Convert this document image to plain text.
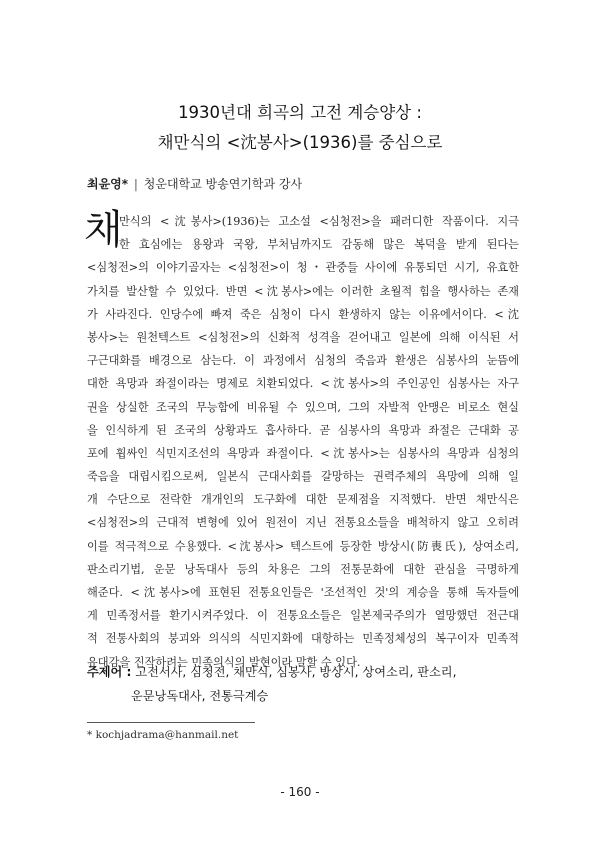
1930년대 희곡의 고전 계승양상 :
채만식의 <沈봉사>(1936)를 중심으로
최윤영* | 청운대학교 방송연기학과 강사
채
만식의 <沈봉사>(1936)는 고소설 <심청전>을 패러디한 작품이다. 지극
한 효심에는 용왕과 국왕, 부처님까지도 감동해 많은 복덕을 받게 된다는
<심청전>의 이야기골자는 <심청전>이 청・관중들 사이에 유통되던 시기, 유효한
가치를 발산할 수 있었다. 반면 <沈봉사>에는 이러한 초월적 힘을 행사하는 존재
가 사라진다. 인당수에 빠져 죽은 심청이 다시 환생하지 않는 이유에서이다. <沈
봉사>는 원천텍스트 <심청전>의 신화적 성격을 걷어내고 일본에 의해 이식된 서
구근대화를 배경으로 삼는다. 이 과정에서 심청의 죽음과 환생은 심봉사의 눈뜸에
대한 욕망과 좌절이라는 명제로 치환되었다. <沈봉사>의 주인공인 심봉사는 자구
권을 상실한 조국의 무능함에 비유될 수 있으며, 그의 자발적 안맹은 비로소 현실
을 인식하게 된 조국의 상황과도 흡사하다. 곧 심봉사의 욕망과 좌절은 근대화 공
포에 휩싸인 식민지조선의 욕망과 좌절이다. <沈봉사>는 심봉사의 욕망과 심청의
죽음을 대립시킴으로써, 일본식 근대사회를 갈망하는 권력주체의 욕망에 의해 일
개 수단으로 전락한 개개인의 도구화에 대한 문제점을 지적했다. 반면 채만식은
<심청전>의 근대적 변형에 있어 원전이 지닌 전통요소들을 배척하지 않고 오히려
이를 적극적으로 수용했다. <沈봉사> 텍스트에 등장한 방상시(防喪氏), 상여소리,
판소리기법, 운문 낭독대사 등의 차용은 그의 전통문화에 대한 관심을 극명하게
해준다. <沈봉사>에 표현된 전통요인들은 '조선적인 것'의 계승을 통해 독자들에
게 민족정서를 환기시켜주었다. 이 전통요소들은 일본제국주의가 열망했던 전근대
적 전통사회의 붕괴와 의식의 식민지화에 대항하는 민족정체성의 복구이자 민족적
유대감을 진작하려는 민족의식의 발현이라 말할 수 있다.
주제어 : 고전서사, 심청전, 채만식, 심봉사, 방상시, 상여소리, 판소리,
운문낭독대사, 전통극계승
* kochjadrama@hanmail.net
- 160 -
